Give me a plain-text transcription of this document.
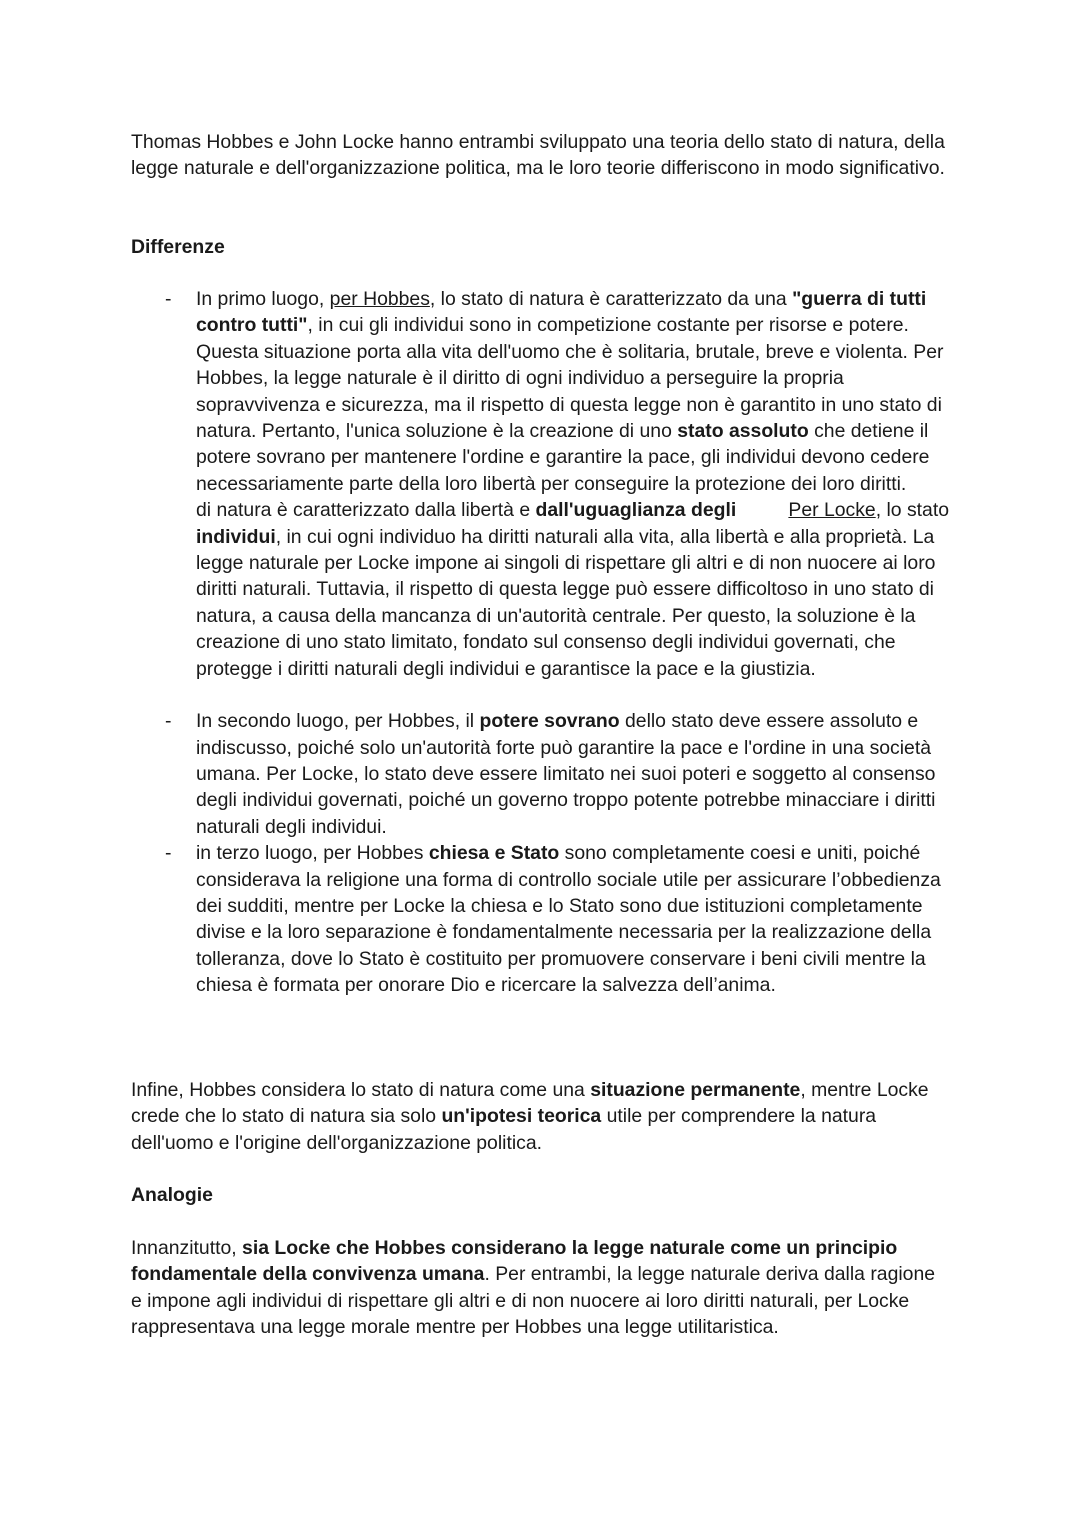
Thomas Hobbes e John Locke hanno entrambi sviluppato una teoria dello stato di natura, della legge naturale e dell'organizzazione politica, ma le loro teorie differiscono in modo significativo.

Differenze

- In primo luogo, per Hobbes, lo stato di natura è caratterizzato da una "guerra di tutti contro tutti", in cui gli individui sono in competizione costante per risorse e potere. Questa situazione porta alla vita dell'uomo che è solitaria, brutale, breve e violenta. Per Hobbes, la legge naturale è il diritto di ogni individuo a perseguire la propria sopravvivenza e sicurezza, ma il rispetto di questa legge non è garantito in uno stato di natura. Pertanto, l'unica soluzione è la creazione di uno stato assoluto che detiene il potere sovrano per mantenere l'ordine e garantire la pace, gli individui devono cedere necessariamente parte della loro libertà per conseguire la protezione dei loro diritti.
Per Locke, lo stato
di natura è caratterizzato dalla libertà e dall'uguaglianza degli individui, in cui ogni individuo ha diritti naturali alla vita, alla libertà e alla proprietà. La legge naturale per Locke impone ai singoli di rispettare gli altri e di non nuocere ai loro diritti naturali. Tuttavia, il rispetto di questa legge può essere difficoltoso in uno stato di natura, a causa della mancanza di un'autorità centrale. Per questo, la soluzione è la creazione di uno stato limitato, fondato sul consenso degli individui governati, che protegge i diritti naturali degli individui e garantisce la pace e la giustizia.
- In secondo luogo, per Hobbes, il potere sovrano dello stato deve essere assoluto e indiscusso, poiché solo un'autorità forte può garantire la pace e l'ordine in una società umana. Per Locke, lo stato deve essere limitato nei suoi poteri e soggetto al consenso degli individui governati, poiché un governo troppo potente potrebbe minacciare i diritti naturali degli individui.
- in terzo luogo, per Hobbes chiesa e Stato sono completamente coesi e uniti, poiché considerava la religione una forma di controllo sociale utile per assicurare l’obbedienza dei sudditi, mentre per Locke la chiesa e lo Stato sono due istituzioni completamente divise e la loro separazione è fondamentalmente necessaria per la realizzazione della tolleranza, dove lo Stato è costituito per promuovere conservare i beni civili mentre la chiesa è formata per onorare Dio e ricercare la salvezza dell’anima.

Infine, Hobbes considera lo stato di natura come una situazione permanente, mentre Locke crede che lo stato di natura sia solo un'ipotesi teorica utile per comprendere la natura dell'uomo e l'origine dell'organizzazione politica.

Analogie

Innanzitutto, sia Locke che Hobbes considerano la legge naturale come un principio fondamentale della convivenza umana. Per entrambi, la legge naturale deriva dalla ragione e impone agli individui di rispettare gli altri e di non nuocere ai loro diritti naturali, per Locke rappresentava una legge morale mentre per Hobbes una legge utilitaristica.
